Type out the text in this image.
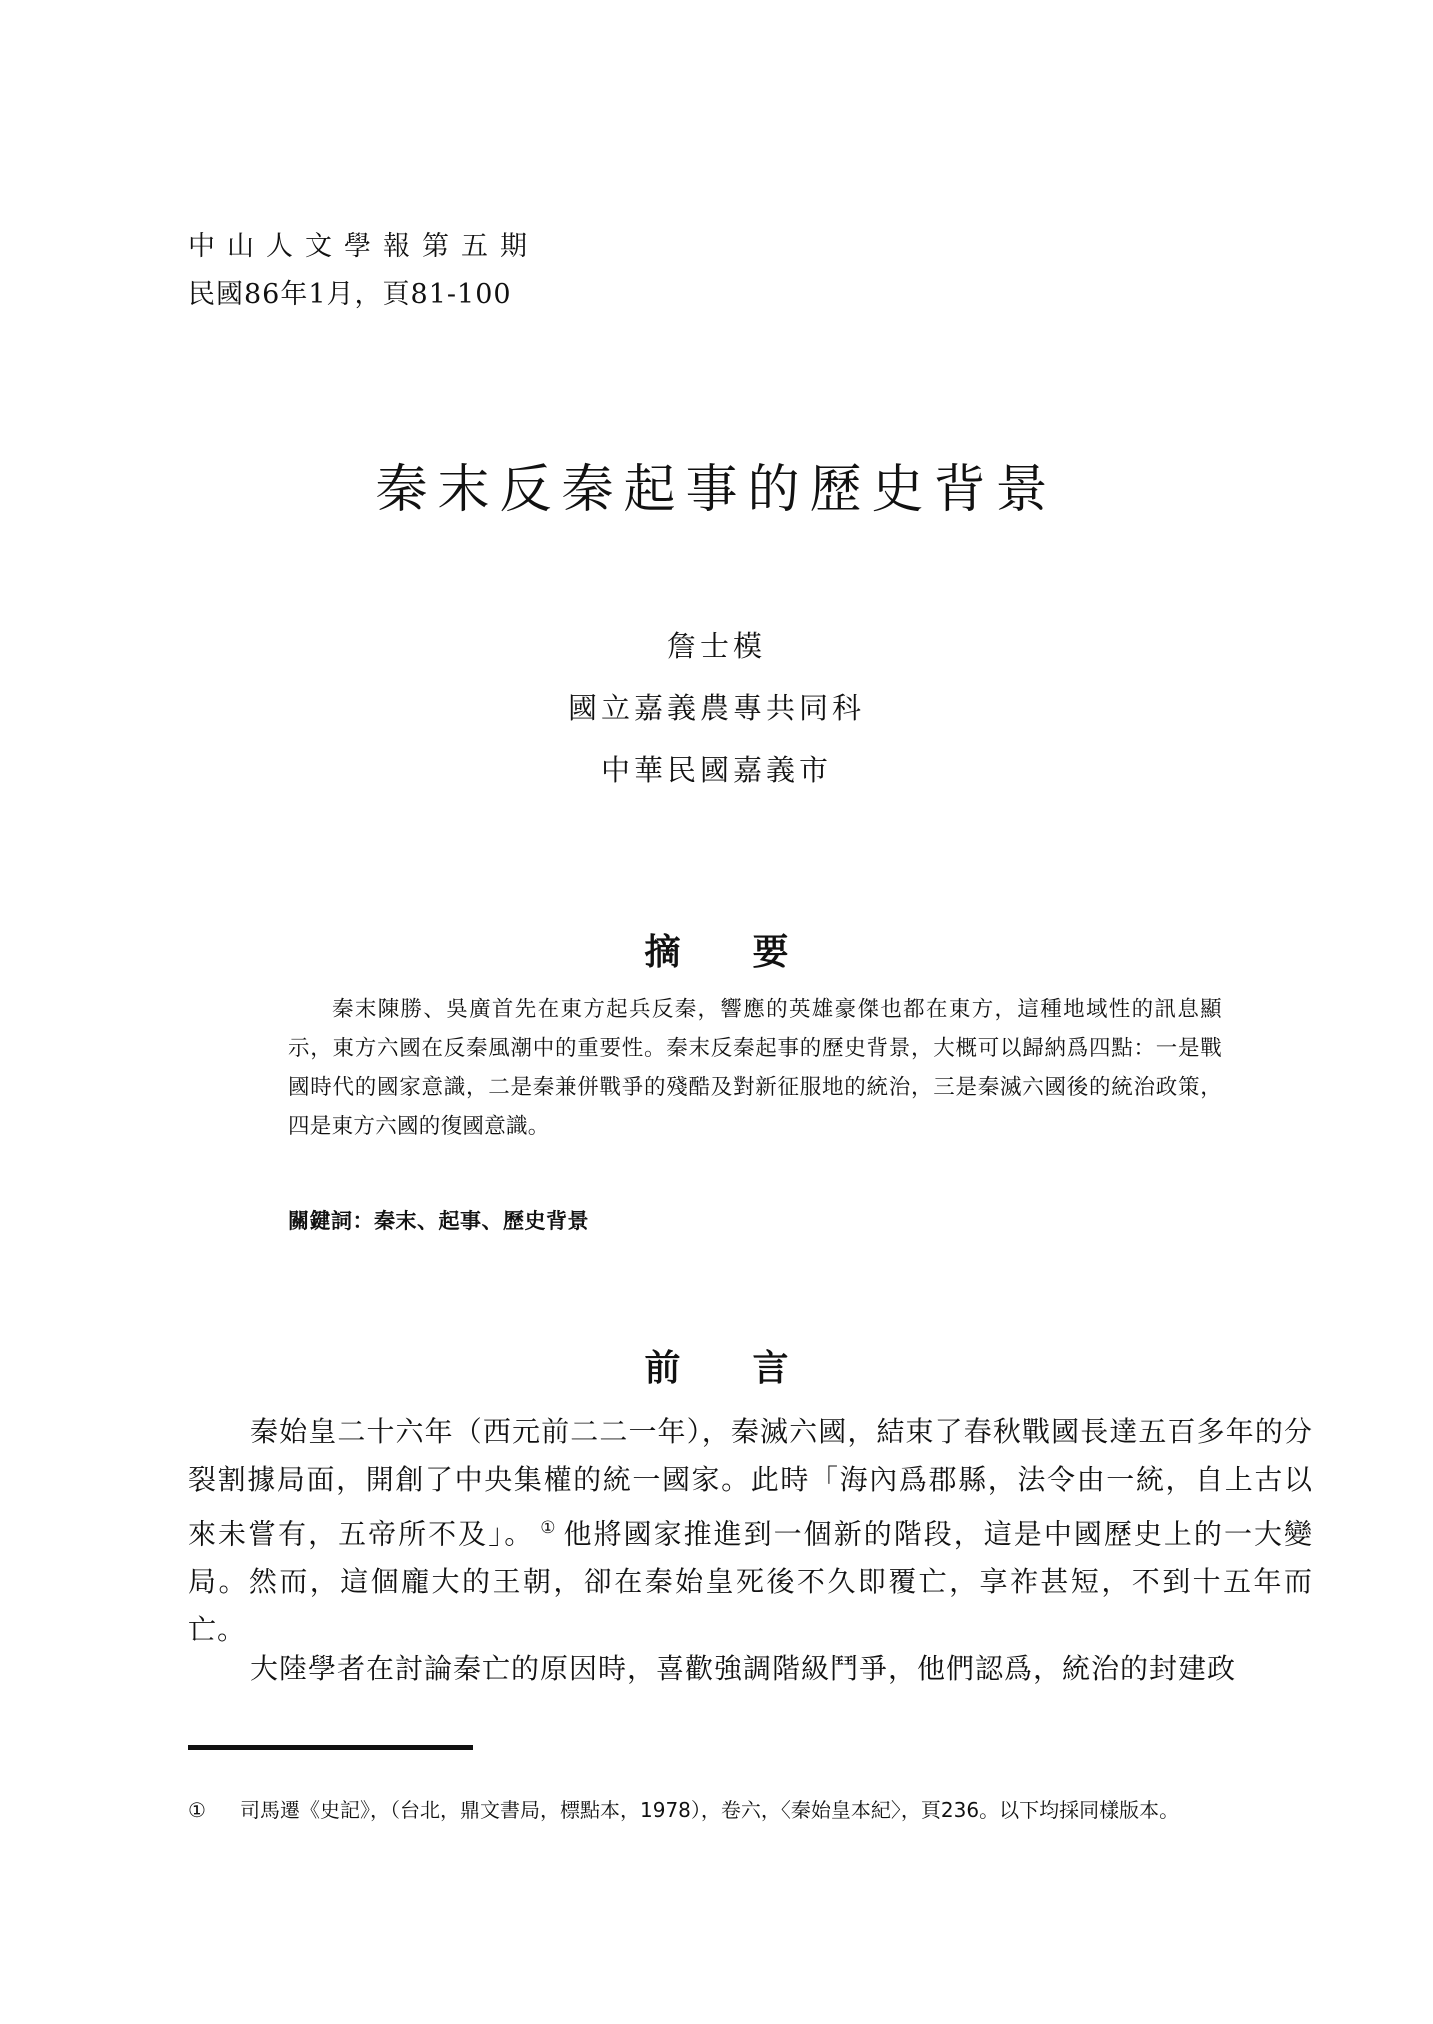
中山人文學報第五期
民國86年1月，頁81-100
秦末反秦起事的歷史背景
詹士模
國立嘉義農專共同科
中華民國嘉義市
摘要
秦末陳勝、吳廣首先在東方起兵反秦，響應的英雄豪傑也都在東方，這種地域性的訊息顯示，東方六國在反秦風潮中的重要性。秦末反秦起事的歷史背景，大概可以歸納爲四點：一是戰國時代的國家意識，二是秦兼併戰爭的殘酷及對新征服地的統治，三是秦滅六國後的統治政策，四是東方六國的復國意識。
關鍵詞：秦末、起事、歷史背景
前言
秦始皇二十六年（西元前二二一年），秦滅六國，結束了春秋戰國長達五百多年的分裂割據局面，開創了中央集權的統一國家。此時「海內爲郡縣，法令由一統，自上古以來未嘗有，五帝所不及」。 ① 他將國家推進到一個新的階段，這是中國歷史上的一大變局。然而，這個龐大的王朝，卻在秦始皇死後不久即覆亡，享祚甚短，不到十五年而亡。
大陸學者在討論秦亡的原因時，喜歡強調階級鬥爭，他們認爲，統治的封建政
① 司馬遷《史記》，（台北，鼎文書局，標點本，1978），卷六，〈秦始皇本紀〉，頁236。以下均採同樣版本。
